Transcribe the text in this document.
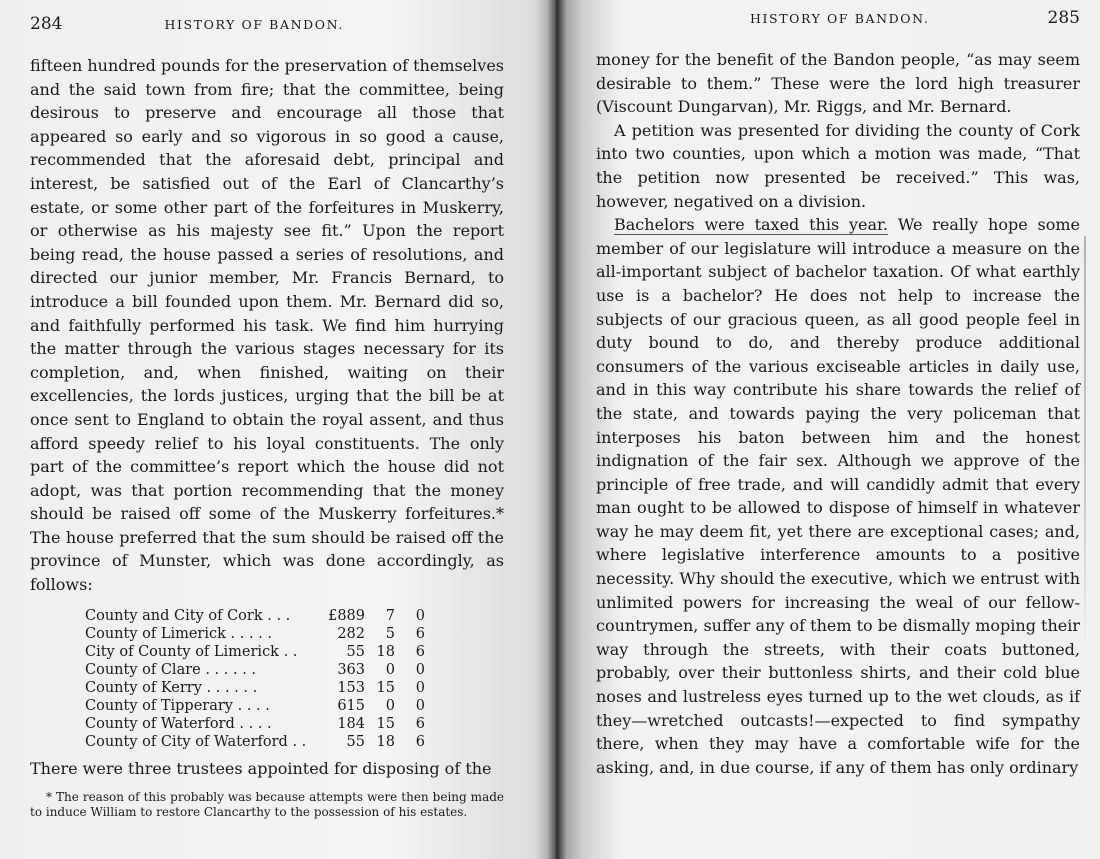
284	HISTORY OF BANDON.

fifteen hundred pounds for the preservation of themselves and the said town from fire; that the committee, being desirous to preserve and encourage all those that appeared so early and so vigorous in so good a cause, recommended that the aforesaid debt, principal and interest, be satisfied out of the Earl of Clancarthy’s estate, or some other part of the forfeitures in Muskerry, or otherwise as his majesty see fit.” Upon the report being read, the house passed a series of resolutions, and directed our junior member, Mr. Francis Bernard, to introduce a bill founded upon them. Mr. Bernard did so, and faithfully performed his task. We find him hurrying the matter through the various stages necessary for its completion, and, when finished, waiting on their excellencies, the lords justices, urging that the bill be at once sent to England to obtain the royal assent, and thus afford speedy relief to his loyal constituents. The only part of the committee’s report which the house did not adopt, was that portion recommending that the money should be raised off some of the Muskerry forfeitures.* The house preferred that the sum should be raised off the province of Munster, which was done accordingly, as follows:

County and City of Cork . . .	£889	7	0
County of Limerick . . . . .	282	5	6
City of County of Limerick . .	55	18	6
County of Clare . . . . . .	363	0	0
County of Kerry . . . . . .	153	15	0
County of Tipperary . . . .	615	0	0
County of Waterford . . . .	184	15	6
County of City of Waterford . .	55	18	6
There were three trustees appointed for disposing of the
* The reason of this probably was because attempts were then being made to induce William to restore Clancarthy to the possession of his estates.
HISTORY OF BANDON.	285

money for the benefit of the Bandon people, “as may seem desirable to them.” These were the lord high treasurer (Viscount Dungarvan), Mr. Riggs, and Mr. Bernard.

A petition was presented for dividing the county of Cork into two counties, upon which a motion was made, “That the petition now presented be received.” This was, however, negatived on a division.

Bachelors were taxed this year. We really hope some member of our legislature will introduce a measure on the all-important subject of bachelor taxation. Of what earthly use is a bachelor? He does not help to increase the subjects of our gracious queen, as all good people feel in duty bound to do, and thereby produce additional consumers of the various exciseable articles in daily use, and in this way contribute his share towards the relief of the state, and towards paying the very policeman that interposes his baton between him and the honest indignation of the fair sex. Although we approve of the principle of free trade, and will candidly admit that every man ought to be allowed to dispose of himself in whatever way he may deem fit, yet there are exceptional cases; and, where legislative interference amounts to a positive necessity. Why should the executive, which we entrust with unlimited powers for increasing the weal of our fellow-countrymen, suffer any of them to be dismally moping their way through the streets, with their coats buttoned, probably, over their buttonless shirts, and their cold blue noses and lustreless eyes turned up to the wet clouds, as if they—wretched outcasts!—expected to find sympathy there, when they may have a comfortable wife for the asking, and, in due course, if any of them has only ordinary
